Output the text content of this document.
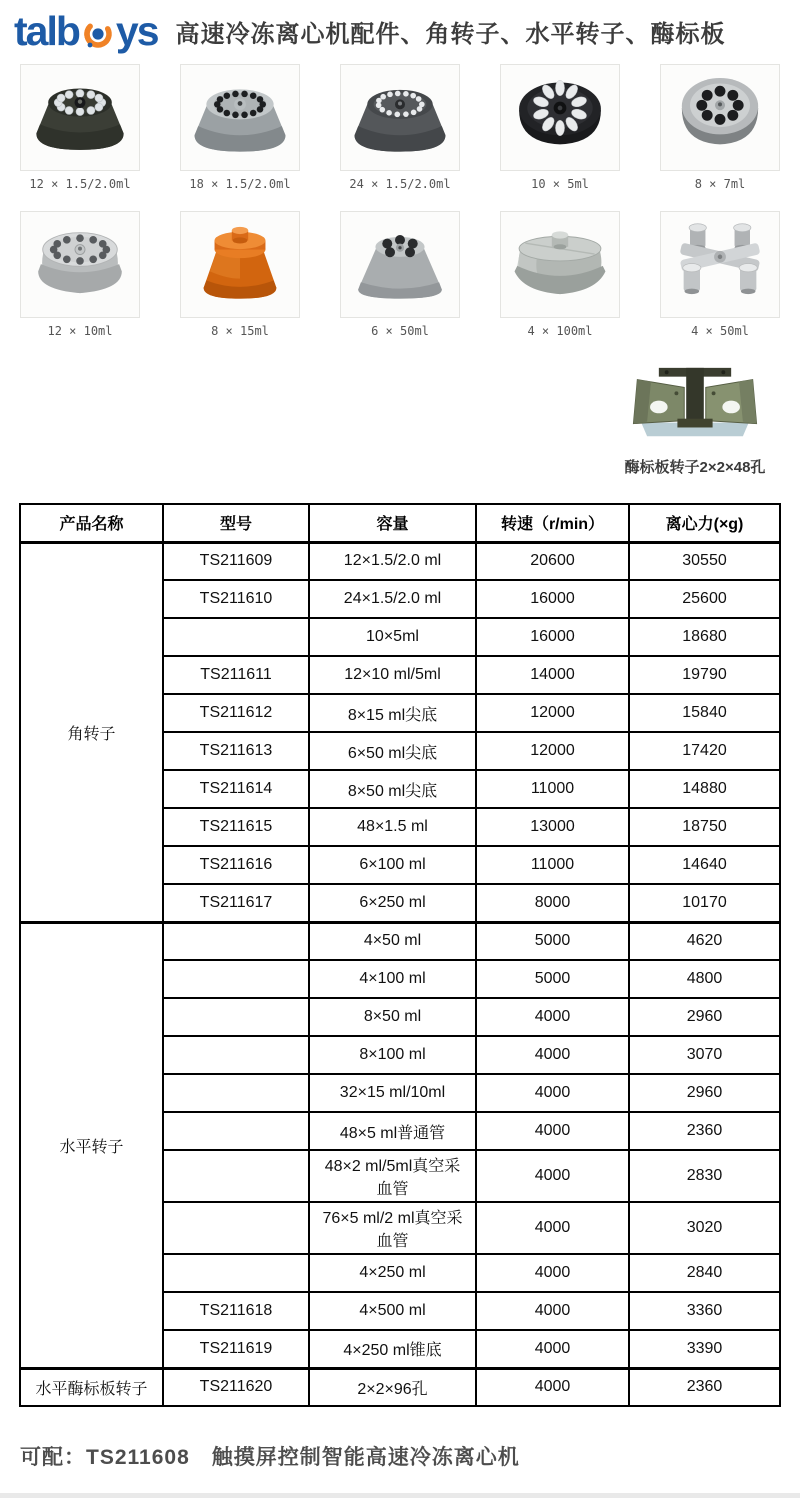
talb ys 高速冷冻离心机配件、角转子、水平转子、酶标板
12 × 1.5/2.0ml	18 × 1.5/2.0ml	24 × 1.5/2.0ml	10 × 5ml	8 × 7ml
12 × 10ml	8 × 15ml	6 × 50ml	4 × 100ml	4 × 50ml
酶标板转子2×2×48孔
产品名称	型号	容量	转速（r/min）	离心力(×g)
角转子	TS211609	12×1.5/2.0 ml	20600	30550
	TS211610	24×1.5/2.0 ml	16000	25600
		10×5ml	16000	18680
	TS211611	12×10 ml/5ml	14000	19790
	TS211612	8×15 ml尖底	12000	15840
	TS211613	6×50 ml尖底	12000	17420
	TS211614	8×50 ml尖底	11000	14880
	TS211615	48×1.5 ml	13000	18750
	TS211616	6×100 ml	11000	14640
	TS211617	6×250 ml	8000	10170
水平转子		4×50 ml	5000	4620
		4×100 ml	5000	4800
		8×50 ml	4000	2960
		8×100 ml	4000	3070
		32×15 ml/10ml	4000	2960
		48×5 ml普通管	4000	2360
		48×2 ml/5ml真空采血管	4000	2830
		76×5 ml/2 ml真空采血管	4000	3020
		4×250 ml	4000	2840
	TS211618	4×500 ml	4000	3360
	TS211619	4×250 ml锥底	4000	3390
水平酶标板转子	TS211620	2×2×96孔	4000	2360

可配：TS211608　触摸屏控制智能高速冷冻离心机
